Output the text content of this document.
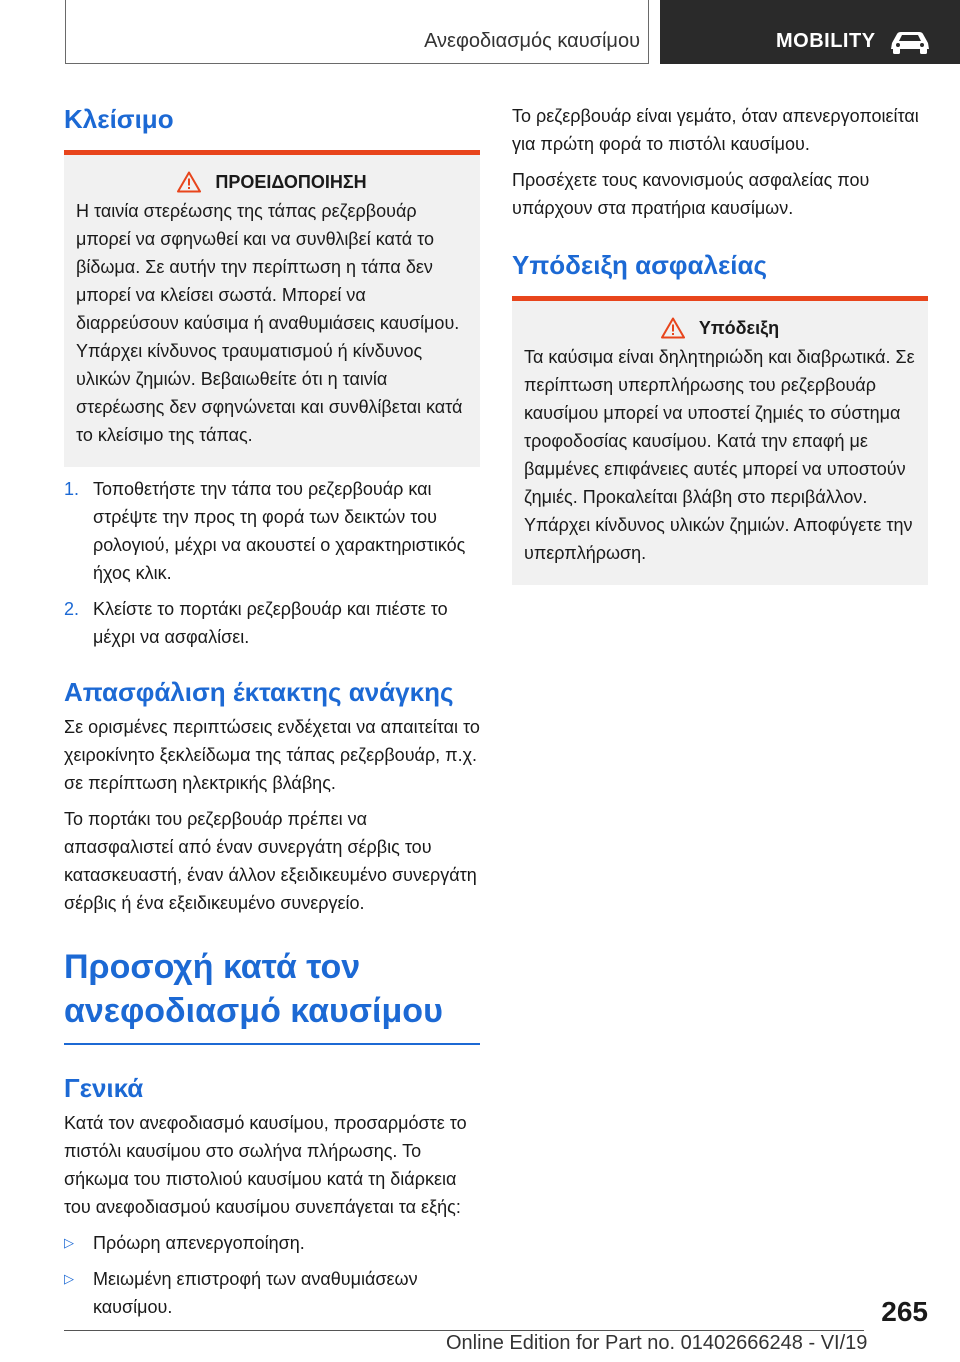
Ανεφοδιασμός καυσίμου	MOBILITY
Κλείσιμο
ΠΡΟΕΙΔΟΠΟΙΗΣΗ
Η ταινία στερέωσης της τάπας ρεζερβουάρ μπορεί να σφηνωθεί και να συνθλιβεί κατά το βίδωμα. Σε αυτήν την περίπτωση η τάπα δεν μπορεί να κλείσει σωστά. Μπορεί να διαρρεύσουν καύσιμα ή αναθυμιάσεις καυσίμου. Υπάρχει κίνδυνος τραυματισμού ή κίνδυνος υλικών ζημιών. Βεβαιωθείτε ότι η ταινία στερέωσης δεν σφηνώνεται και συνθλίβεται κατά το κλείσιμο της τάπας.
1. Τοποθετήστε την τάπα του ρεζερβουάρ και στρέψτε την προς τη φορά των δεικτών του ρολογιού, μέχρι να ακουστεί ο χαρακτηριστικός ήχος κλικ.
2. Κλείστε το πορτάκι ρεζερβουάρ και πιέστε το μέχρι να ασφαλίσει.
Απασφάλιση έκτακτης ανάγκης

Σε ορισμένες περιπτώσεις ενδέχεται να απαιτείται το χειροκίνητο ξεκλείδωμα της τάπας ρεζερβουάρ, π.χ. σε περίπτωση ηλεκτρικής βλάβης.

Το πορτάκι του ρεζερβουάρ πρέπει να απασφαλιστεί από έναν συνεργάτη σέρβις του κατασκευαστή, έναν άλλον εξειδικευμένο συνεργάτη σέρβις ή ένα εξειδικευμένο συνεργείο.

Προσοχή κατά τον ανεφοδιασμό καυσίμου
Γενικά

Κατά τον ανεφοδιασμό καυσίμου, προσαρμόστε το πιστόλι καυσίμου στο σωλήνα πλήρωσης. Το σήκωμα του πιστολιού καυσίμου κατά τη διάρκεια του ανεφοδιασμού καυσίμου συνεπάγεται τα εξής:

▷	Πρόωρη απενεργοποίηση.
▷	Μειωμένη επιστροφή των αναθυμιάσεων καυσίμου.

Το ρεζερβουάρ είναι γεμάτο, όταν απενεργοποιείται για πρώτη φορά το πιστόλι καυσίμου.

Προσέχετε τους κανονισμούς ασφαλείας που υπάρχουν στα πρατήρια καυσίμων.

Υπόδειξη ασφαλείας
Υπόδειξη
Τα καύσιμα είναι δηλητηριώδη και διαβρωτικά. Σε περίπτωση υπερπλήρωσης του ρεζερβουάρ καυσίμου μπορεί να υποστεί ζημιές το σύστημα τροφοδοσίας καυσίμου. Κατά την επαφή με βαμμένες επιφάνειες αυτές μπορεί να υποστούν ζημιές. Προκαλείται βλάβη στο περιβάλλον. Υπάρχει κίνδυνος υλικών ζημιών. Αποφύγετε την υπερπλήρωση.
265
Online Edition for Part no. 01402666248 - VI/19
